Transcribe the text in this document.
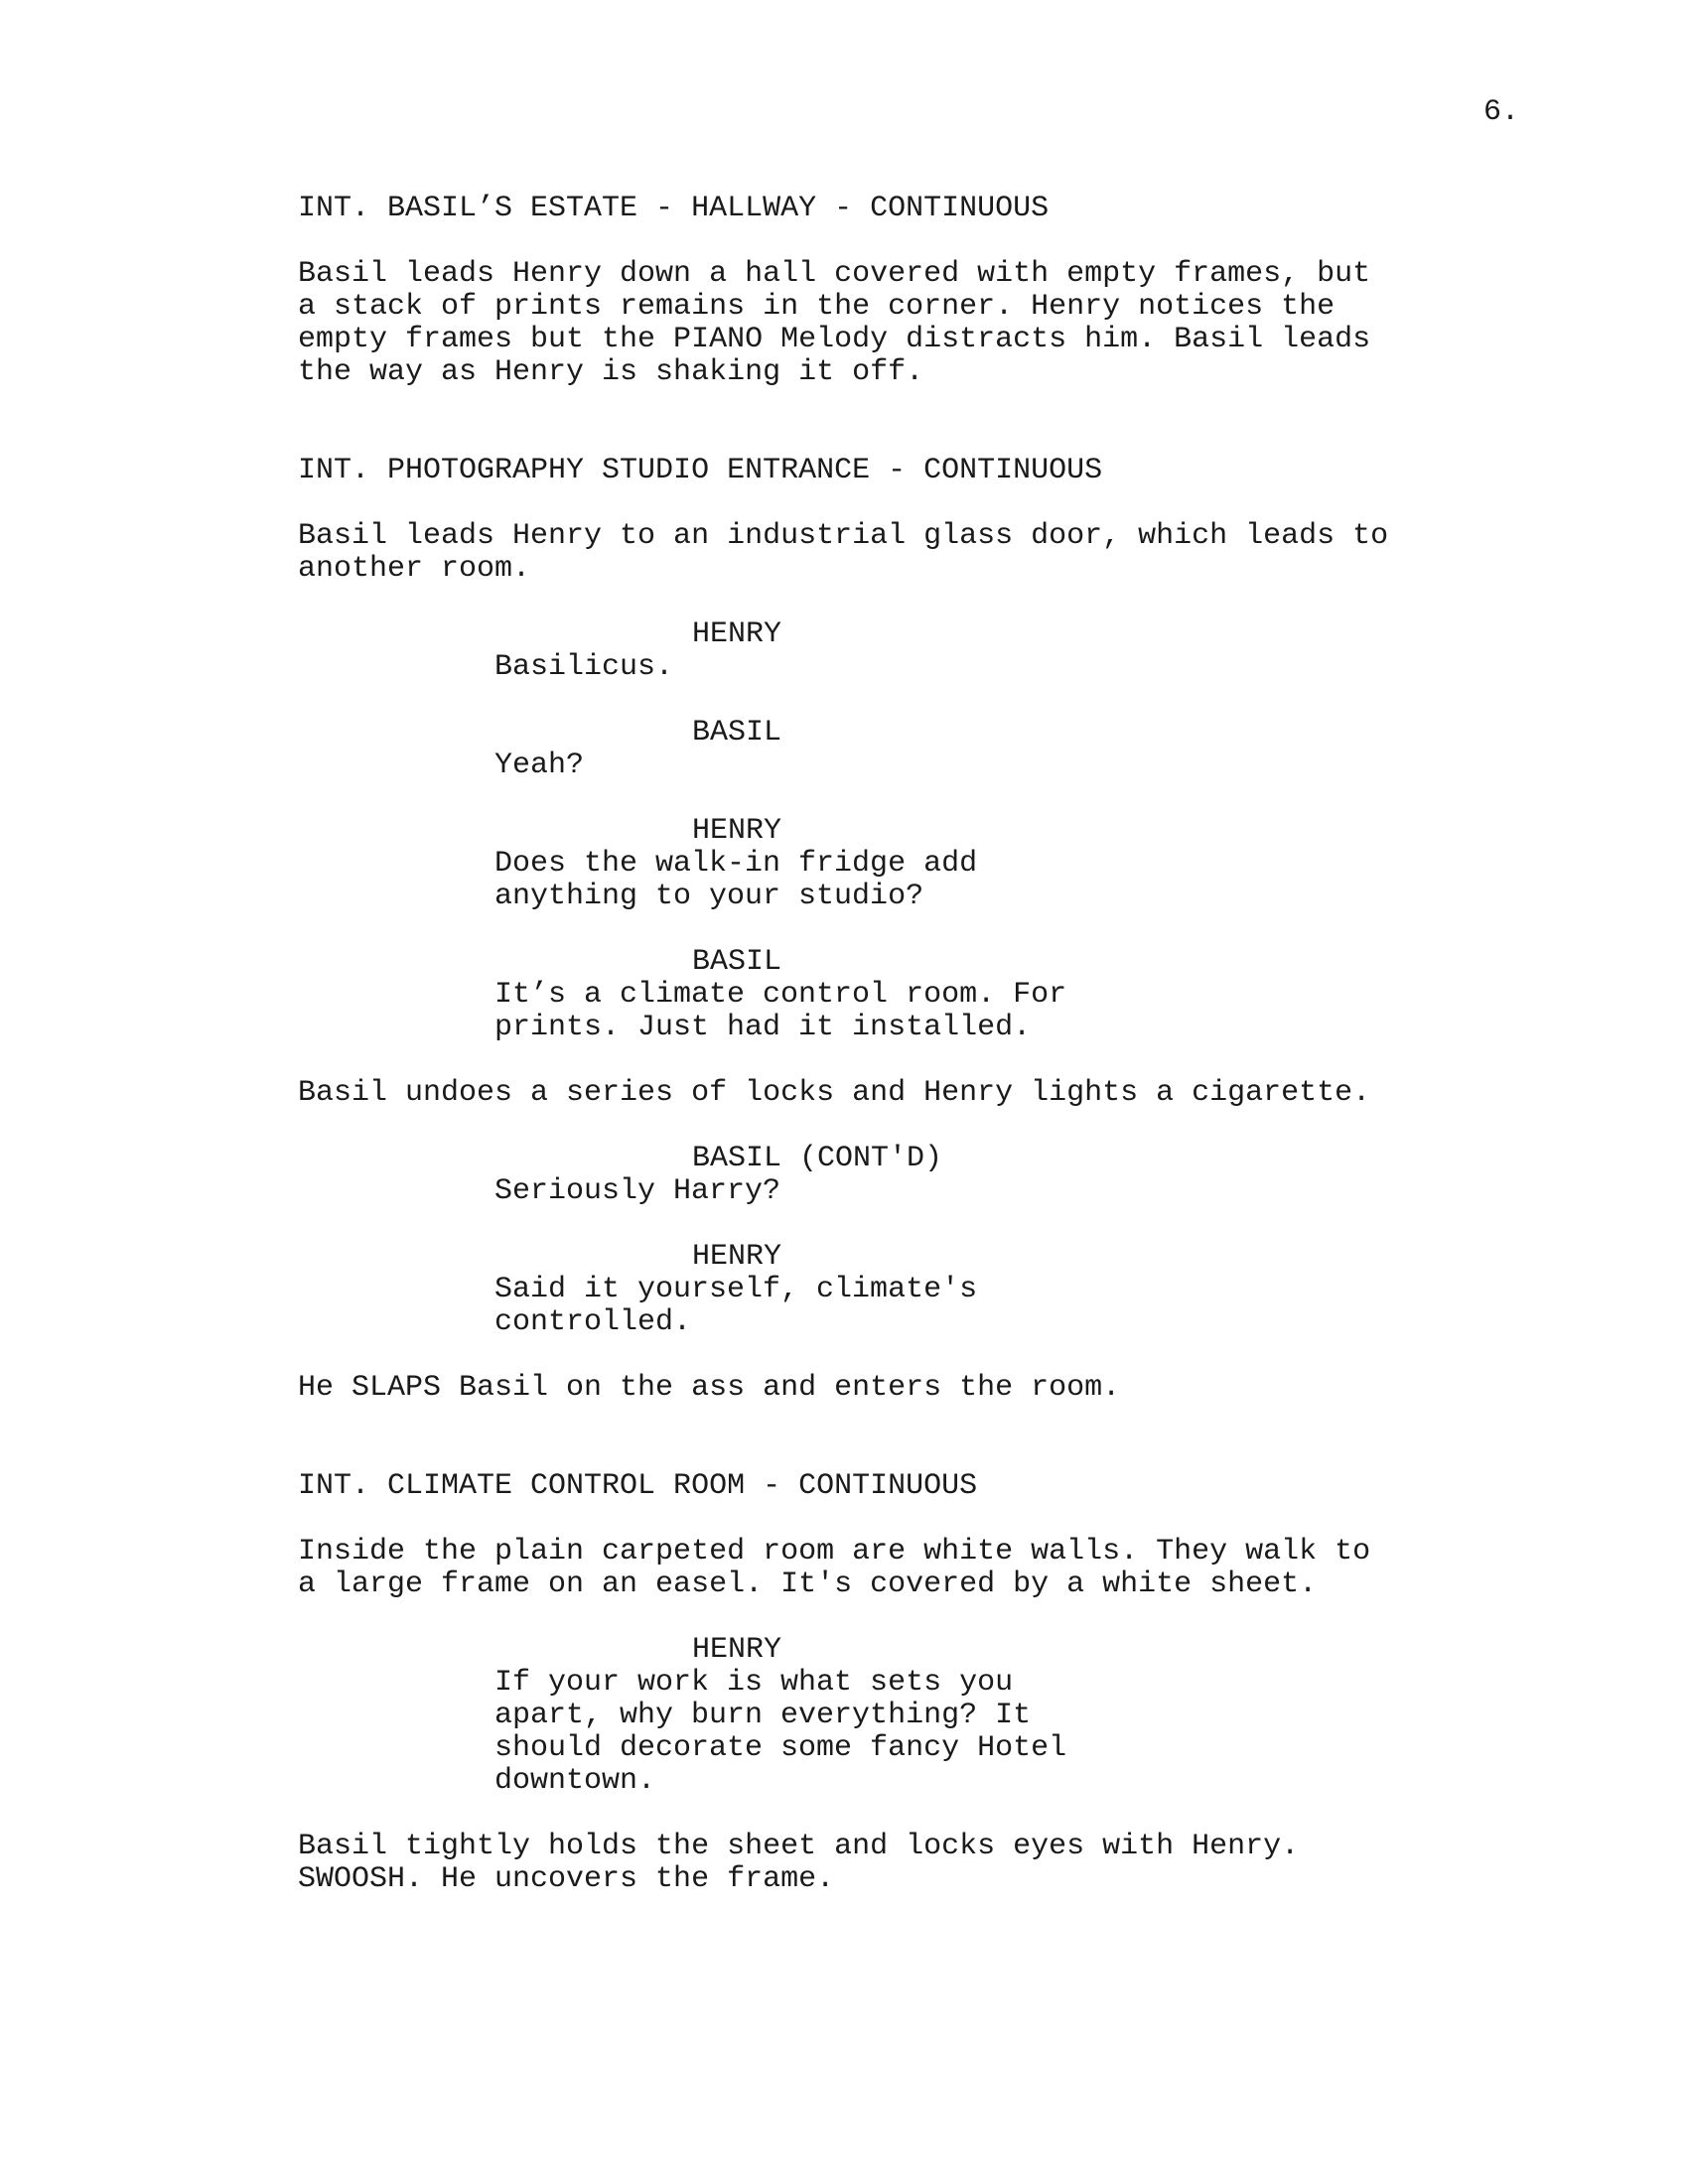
6.
INT. BASIL’S ESTATE - HALLWAY - CONTINUOUS
Basil leads Henry down a hall covered with empty frames, but
a stack of prints remains in the corner. Henry notices the
empty frames but the PIANO Melody distracts him. Basil leads
the way as Henry is shaking it off.
INT. PHOTOGRAPHY STUDIO ENTRANCE - CONTINUOUS
Basil leads Henry to an industrial glass door, which leads to
another room.
HENRY
Basilicus.
BASIL
Yeah?
HENRY
Does the walk-in fridge add
anything to your studio?
BASIL
It’s a climate control room. For
prints. Just had it installed.
Basil undoes a series of locks and Henry lights a cigarette.
BASIL (CONT'D)
Seriously Harry?
HENRY
Said it yourself, climate's
controlled.
He SLAPS Basil on the ass and enters the room.
INT. CLIMATE CONTROL ROOM - CONTINUOUS
Inside the plain carpeted room are white walls. They walk to
a large frame on an easel. It's covered by a white sheet.
HENRY
If your work is what sets you
apart, why burn everything? It
should decorate some fancy Hotel
downtown.
Basil tightly holds the sheet and locks eyes with Henry.
SWOOSH. He uncovers the frame.
